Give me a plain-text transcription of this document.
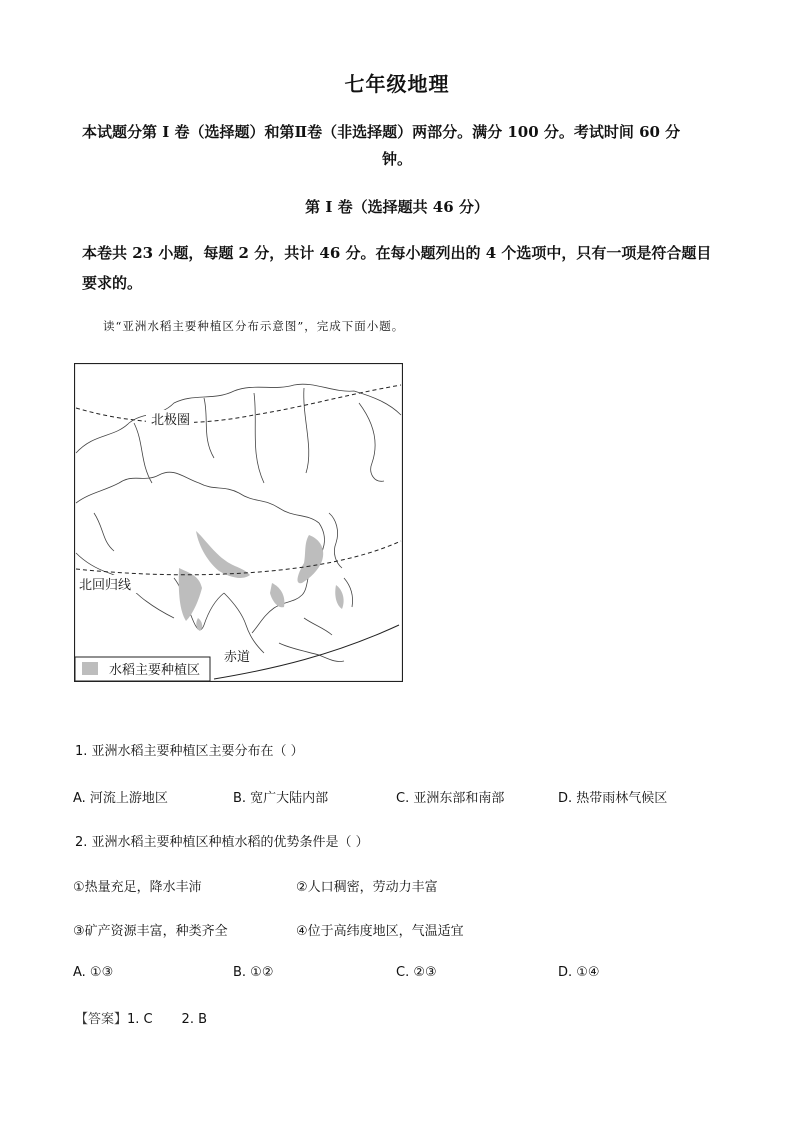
七年级地理
本试题分第 Ⅰ 卷（选择题）和第Ⅱ卷（非选择题）两部分。满分 100 分。考试时间 60 分
钟。
第 Ⅰ 卷（选择题共 46 分）
本卷共 23 小题，每题 2 分，共计 46 分。在每小题列出的 4 个选项中，只有一项是符合题目
要求的。
读“亚洲水稻主要种植区分布示意图”，完成下面小题。
北极圈
北回归线
赤道
水稻主要种植区
1. 亚洲水稻主要种植区主要分布在（ ）
A. 河流上游地区	B. 宽广大陆内部	C. 亚洲东部和南部	D. 热带雨林气候区
2. 亚洲水稻主要种植区种植水稻的优势条件是（ ）
①热量充足，降水丰沛	②人口稠密，劳动力丰富
③矿产资源丰富，种类齐全	④位于高纬度地区，气温适宜
A. ①③	B. ①②	C. ②③	D. ①④
【答案】1. C       2. B
